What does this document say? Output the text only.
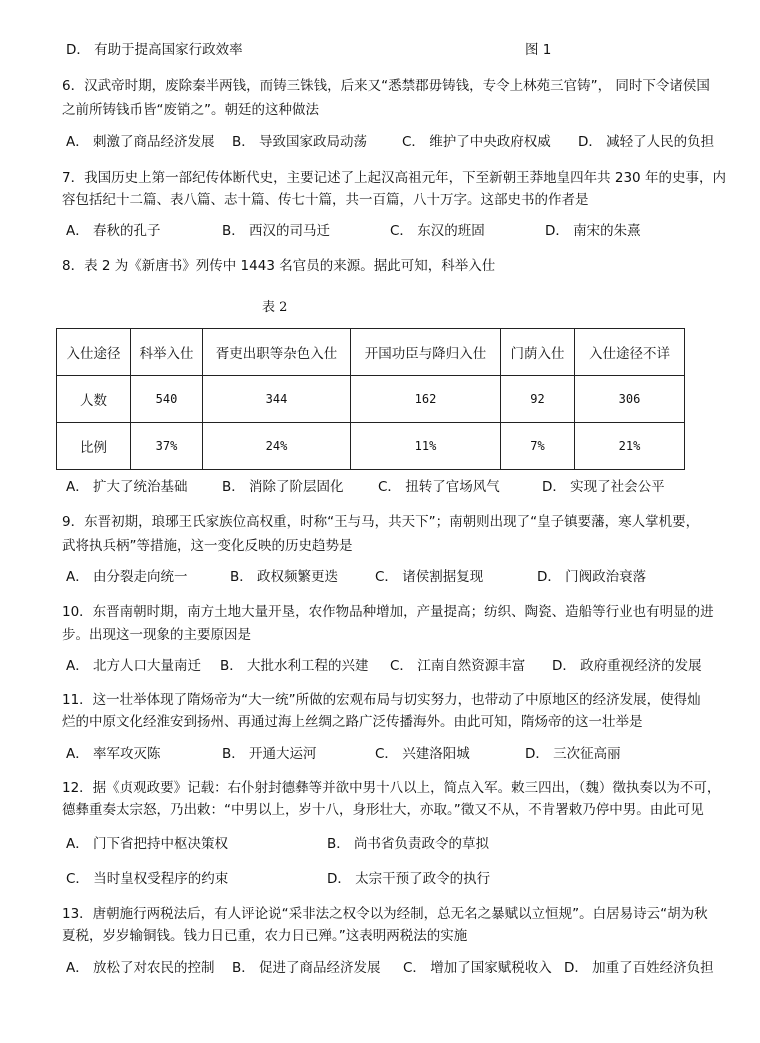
D． 有助于提高国家行政效率	图 1
6．汉武帝时期，废除秦半两钱，而铸三铢钱，后来又“悉禁郡毋铸钱，专令上林苑三官铸”， 同时下令诸侯国
之前所铸钱币皆“废销之”。朝廷的这种做法
A． 刺激了商品经济发展 B． 导致国家政局动荡	C． 维护了中央政府权威 D． 减轻了人民的负担
7．我国历史上第一部纪传体断代史，主要记述了上起汉高祖元年，下至新朝王莽地皇四年共 230 年的史事，内
容包括纪十二篇、表八篇、志十篇、传七十篇，共一百篇，八十万字。这部史书的作者是
A． 春秋的孔子	B． 西汉的司马迁	C． 东汉的班固	D． 南宋的朱熹
8．表 2 为《新唐书》列传中 1443 名官员的来源。据此可知，科举入仕
表 2
入仕途径	科举入仕	胥吏出职等杂色入仕	开国功臣与降归入仕	门荫入仕	入仕途径不详
人数	540	344	162	92	306
比例	37%	24%	11%	7%	21%
A． 扩大了统治基础	B． 消除了阶层固化	C． 扭转了官场风气	D． 实现了社会公平
9．东晋初期，琅琊王氏家族位高权重，时称“王与马，共天下”；南朝则出现了“皇子镇要藩，寒人掌机要，
武将执兵柄”等措施，这一变化反映的历史趋势是
A． 由分裂走向统一	B． 政权频繁更迭	C． 诸侯割据复现	D． 门阀政治衰落
10．东晋南朝时期，南方土地大量开垦，农作物品种增加，产量提高；纺织、陶瓷、造船等行业也有明显的进
步。出现这一现象的主要原因是
A． 北方人口大量南迁 B． 大批水利工程的兴建 C． 江南自然资源丰富 D． 政府重视经济的发展
11．这一壮举体现了隋炀帝为“大一统”所做的宏观布局与切实努力，也带动了中原地区的经济发展，使得灿
烂的中原文化经淮安到扬州、再通过海上丝绸之路广泛传播海外。由此可知，隋炀帝的这一壮举是
A． 率军攻灭陈	B． 开通大运河	C． 兴建洛阳城	D． 三次征高丽
12．据《贞观政要》记载：右仆射封德彝等并欲中男十八以上，简点入军。敕三四出，（魏）徵执奏以为不可，
德彝重奏太宗怒，乃出敕：“中男以上，岁十八，身形壮大，亦取。”徵又不从，不肯署敕乃停中男。由此可见
A． 门下省把持中枢决策权	B． 尚书省负责政令的草拟
C． 当时皇权受程序的约束	D． 太宗干预了政令的执行
13．唐朝施行两税法后，有人评论说“采非法之权令以为经制，总无名之暴赋以立恒规”。白居易诗云“胡为秋
夏税，岁岁输铜钱。钱力日已重，农力日已殚。”这表明两税法的实施
A． 放松了对农民的控制 B． 促进了商品经济发展 C． 增加了国家赋税收入 D． 加重了百姓经济负担
